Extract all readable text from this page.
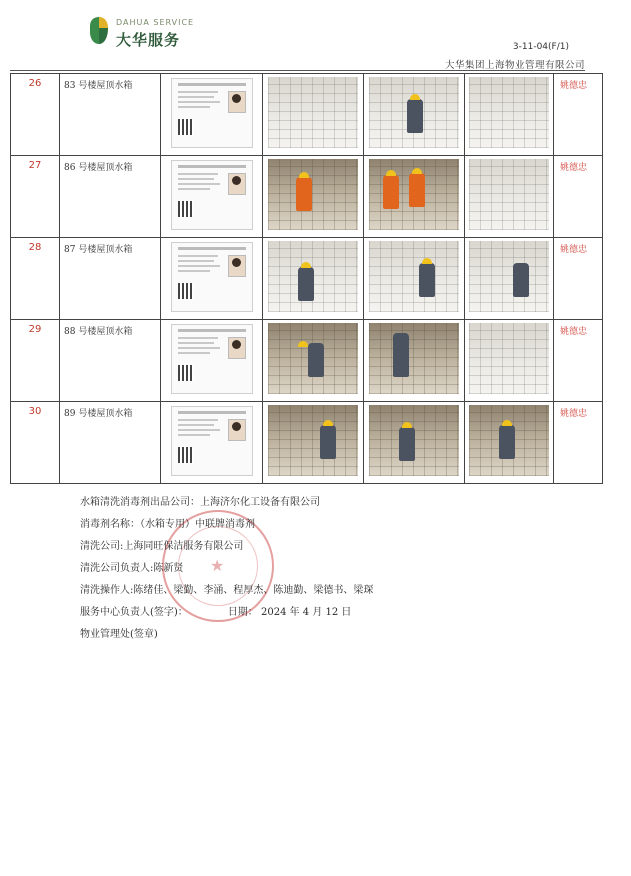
DAHUA SERVICE
大华服务	3-11-04(F/1)
大华集团上海物业管理有限公司
26	83 号楼屋顶水箱					姚德忠
27	86 号楼屋顶水箱					姚德忠
28	87 号楼屋顶水箱					姚德忠
29	88 号楼屋顶水箱					姚德忠
30	89 号楼屋顶水箱					姚德忠
★
水箱清洗消毒剂出品公司：上海济尔化工设备有限公司
消毒剂名称：（水箱专用）中联牌消毒剂
清洗公司:上海同旺保洁服务有限公司
清洗公司负责人:陈新贤
清洗操作人:陈绪佳、梁勤、李涌、程厚杰、陈迪勤、梁德书、梁琛
服务中心负责人(签字)：	日期： 2024 年 4 月 12 日
物业管理处(签章)
